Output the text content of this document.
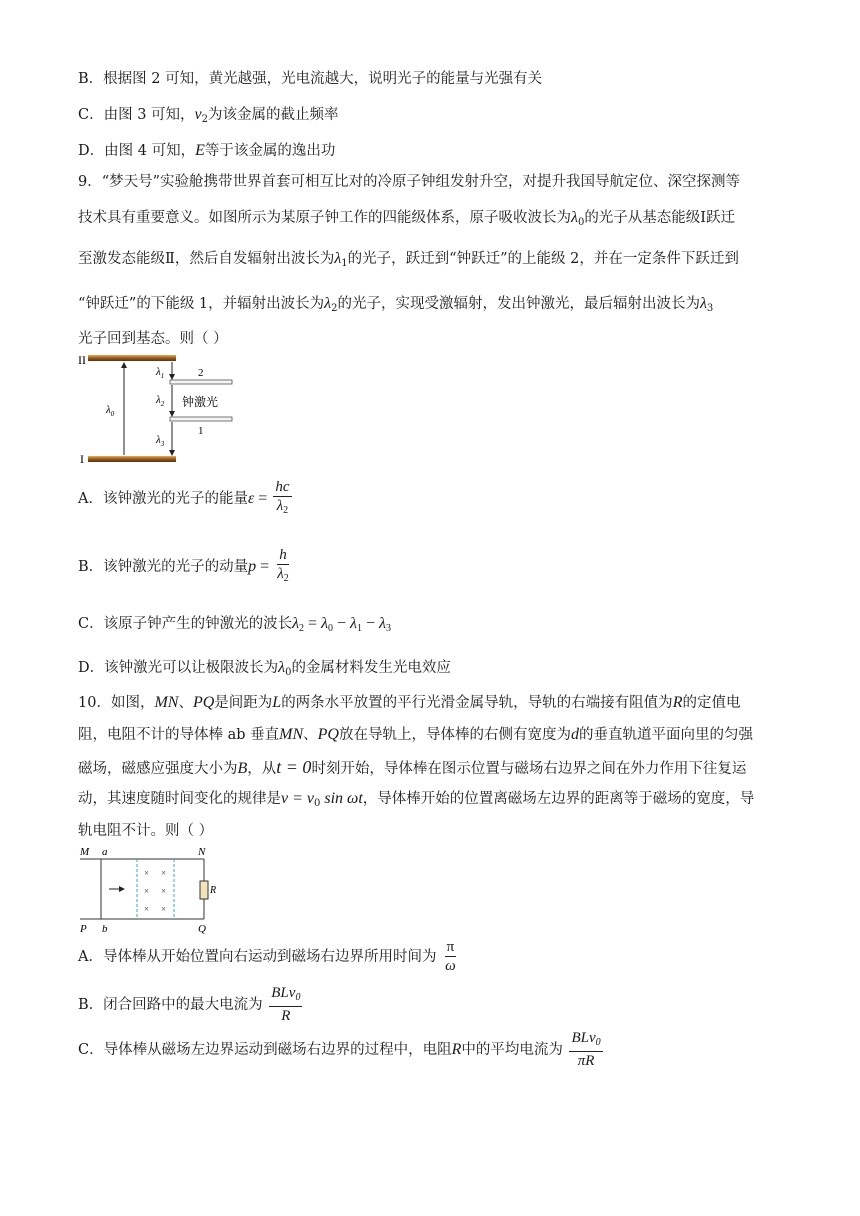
B．根据图 2 可知，黄光越强，光电流越大，说明光子的能量与光强有关
C．由图 3 可知，$v_2$为该金属的截止频率
D．由图 4 可知，E等于该金属的逸出功
9．“梦天号”实验舱携带世界首套可相互比对的冷原子钟组发射升空，对提升我国导航定位、深空探测等
技术具有重要意义。如图所示为某原子钟工作的四能级体系，原子吸收波长为$\lambda_0$的光子从基态能级Ⅰ跃迁
至激发态能级Ⅱ，然后自发辐射出波长为$\lambda_1$的光子，跃迁到“钟跃迁”的上能级 2，并在一定条件下跃迁到
“钟跃迁”的下能级 1，并辐射出波长为$\lambda_2$的光子，实现受激辐射，发出钟激光，最后辐射出波长为$\lambda_3$
光子回到基态。则（ ）
II
I
2
1
$\lambda_0$
$\lambda_1$
$\lambda_2$ 钟激光
$\lambda_3$
A．该钟激光的光子的能量$\varepsilon = \frac{hc}{\lambda_2}$
B．该钟激光的光子的动量$p = \frac{h}{\lambda_2}$
C．该原子钟产生的钟激光的波长$\lambda_2 = \lambda_0 - \lambda_1 - \lambda_3$
D．该钟激光可以让极限波长为$\lambda_0$的金属材料发生光电效应
10．如图，MN、PQ是间距为L的两条水平放置的平行光滑金属导轨，导轨的右端接有阻值为R的定值电
阻，电阻不计的导体棒 ab 垂直MN、PQ放在导轨上，导体棒的右侧有宽度为d的垂直轨道平面向里的匀强
磁场，磁感应强度大小为B，从t = 0时刻开始，导体棒在图示位置与磁场右边界之间在外力作用下往复运
动，其速度随时间变化的规律是$v = v_0$ sin ωt，导体棒开始的位置离磁场左边界的距离等于磁场的宽度，导
轨电阻不计。则（ ）
M a	N
P b	Q
R
× ×
× ×
× ×
A．导体棒从开始位置向右运动到磁场右边界所用时间为 $\frac{\pi}{\omega}$
B．闭合回路中的最大电流为 $\frac{BLv_0}{R}$
C．导体棒从磁场左边界运动到磁场右边界的过程中，电阻R中的平均电流为 $\frac{BLv_0}{\pi R}$
